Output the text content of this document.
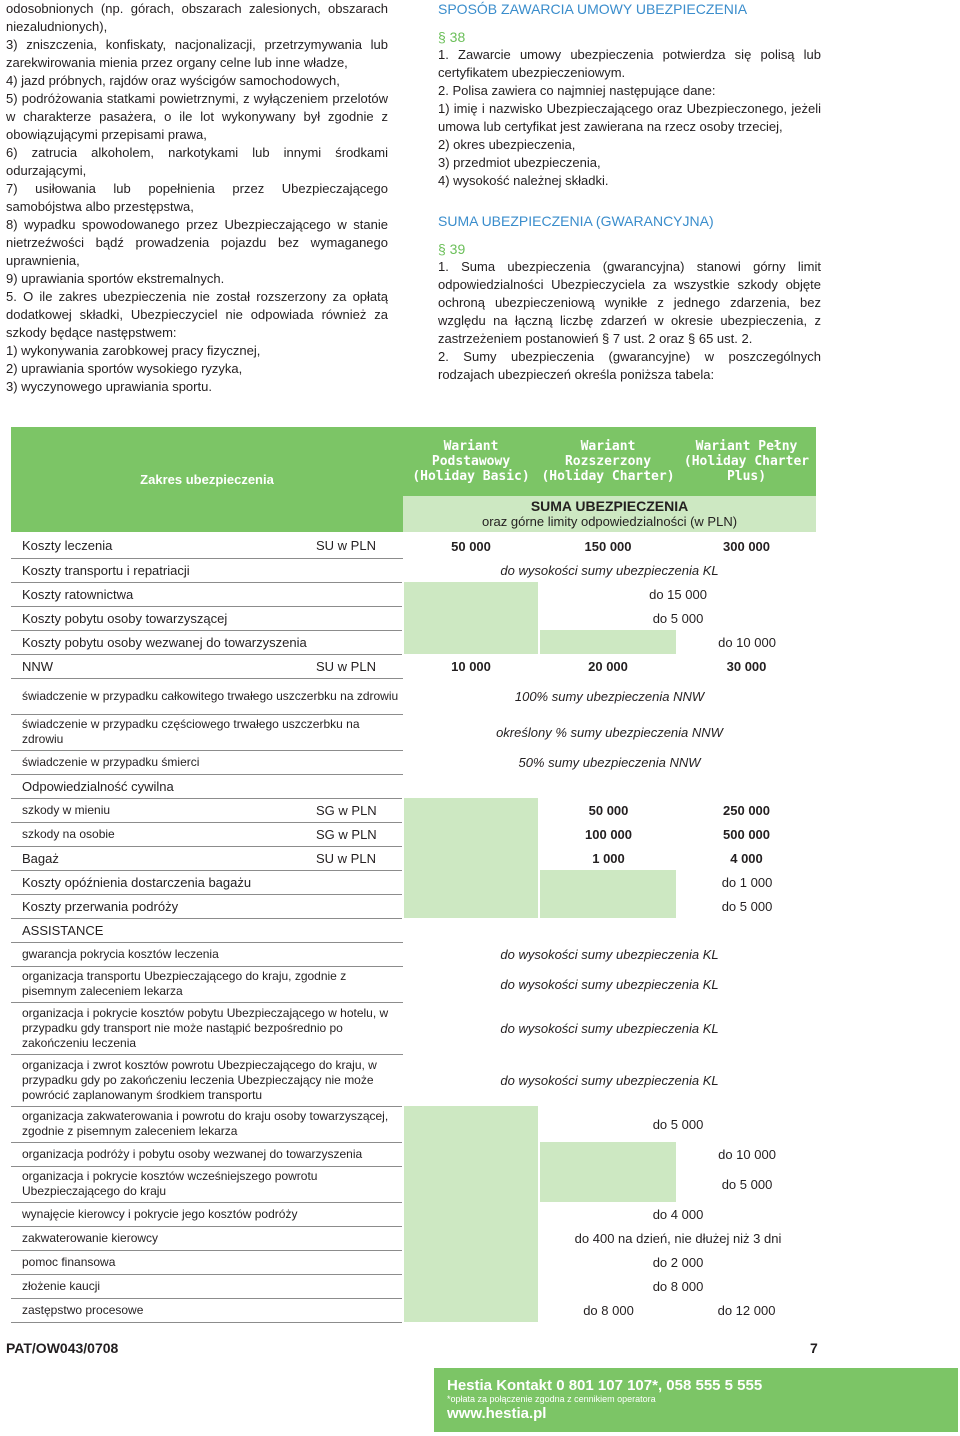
odosobnionych (np. górach, obszarach zalesionych, obszarach niezaludnionych),

3) zniszczenia, konfiskaty, nacjonalizacji, przetrzymywania lub zarekwirowania mienia przez organy celne lub inne władze,

4) jazd próbnych, rajdów oraz wyścigów samochodowych,

5) podróżowania statkami powietrznymi, z wyłączeniem przelotów w charakterze pasażera, o ile lot wykonywany był zgodnie z obowiązującymi przepisami prawa,

6) zatrucia alkoholem, narkotykami lub innymi środkami odurzającymi,

7) usiłowania lub popełnienia przez Ubezpieczającego samobójstwa albo przestępstwa,

8) wypadku spowodowanego przez Ubezpieczającego w stanie nietrzeźwości bądź prowadzenia pojazdu bez wymaganego uprawnienia,

9) uprawiania sportów ekstremalnych.

5. O ile zakres ubezpieczenia nie został rozszerzony za opłatą dodatkowej składki, Ubezpieczyciel nie odpowiada również za szkody będące następstwem:

1) wykonywania zarobkowej pracy fizycznej,

2) uprawiania sportów wysokiego ryzyka,

3) wyczynowego uprawiania sportu.

SPOSÓB ZAWARCIA UMOWY UBEZPIECZENIA

§ 38

1. Zawarcie umowy ubezpieczenia potwierdza się polisą lub certyfikatem ubezpieczeniowym.

2. Polisa zawiera co najmniej następujące dane:

1) imię i nazwisko Ubezpieczającego oraz Ubezpieczonego, jeżeli umowa lub certyfikat jest zawierana na rzecz osoby trzeciej,

2) okres ubezpieczenia,

3) przedmiot ubezpieczenia,

4) wysokość należnej składki.

SUMA UBEZPIECZENIA (GWARANCYJNA)

§ 39

1. Suma ubezpieczenia (gwarancyjna) stanowi górny limit odpowiedzialności Ubezpieczyciela za wszystkie szkody objęte ochroną ubezpieczeniową wynikłe z jednego zdarzenia, bez względu na łączną liczbę zdarzeń w okresie ubezpieczenia, z zastrzeżeniem postanowień § 7 ust. 2 oraz § 65 ust. 2.

2. Sumy ubezpieczenia (gwarancyjne) w poszczególnych rodzajach ubezpieczeń określa poniższa tabela:

Zakres ubezpieczenia		Wariant Podstawowy (Holiday Basic)	Wariant Rozszerzony (Holiday Charter)	Wariant Pełny (Holiday Charter Plus)
		SUMA UBEZPIECZENIA
oraz górne limity odpowiedzialności (w PLN)		

Koszty leczenia	SU w PLN	50 000	150 000	300 000
Koszty transportu i repatriacji		do wysokości sumy ubezpieczenia KL		
Koszty ratownictwa			do 15 000	
Koszty pobytu osoby towarzyszącej			do 5 000	
Koszty pobytu osoby wezwanej do towarzyszenia				do 10 000
NNW	SU w PLN	10 000	20 000	30 000
świadczenie w przypadku całkowitego trwałego uszczerbku na zdrowiu		100% sumy ubezpieczenia NNW		
świadczenie w przypadku częściowego trwałego uszczerbku na zdrowiu		określony % sumy ubezpieczenia NNW		
świadczenie w przypadku śmierci		50% sumy ubezpieczenia NNW		
Odpowiedzialność cywilna				
szkody w mieniu	SG w PLN		50 000	250 000
szkody na osobie	SG w PLN		100 000	500 000
Bagaż	SU w PLN		1 000	4 000
Koszty opóźnienia dostarczenia bagażu				do 1 000
Koszty przerwania podróży				do 5 000
ASSISTANCE				
gwarancja pokrycia kosztów leczenia		do wysokości sumy ubezpieczenia KL		
organizacja transportu Ubezpieczającego do kraju, zgodnie z pisemnym zaleceniem lekarza		do wysokości sumy ubezpieczenia KL		
organizacja i pokrycie kosztów pobytu Ubezpieczającego w hotelu, w przypadku gdy transport nie może nastąpić bezpośrednio po zakończeniu leczenia		do wysokości sumy ubezpieczenia KL		
organizacja i zwrot kosztów powrotu Ubezpieczającego do kraju, w przypadku gdy po zakończeniu leczenia Ubezpieczający nie może powrócić zaplanowanym środkiem transportu		do wysokości sumy ubezpieczenia KL		
organizacja zakwaterowania i powrotu do kraju osoby towarzyszącej, zgodnie z pisemnym zaleceniem lekarza			do 5 000	
organizacja podróży i pobytu osoby wezwanej do towarzyszenia				do 10 000
organizacja i pokrycie kosztów wcześniejszego powrotu Ubezpieczającego do kraju				do 5 000
wynajęcie kierowcy i pokrycie jego kosztów podróży			do 4 000	
zakwaterowanie kierowcy			do 400 na dzień, nie dłużej niż 3 dni	
pomoc finansowa			do 2 000	
złożenie kaucji			do 8 000	
zastępstwo procesowe			do 8 000	do 12 000
PAT/OW043/0708	7
Hestia Kontakt 0 801 107 107*, 058 555 5 555
*opłata za połączenie zgodna z cennikiem operatora
www.hestia.pl
